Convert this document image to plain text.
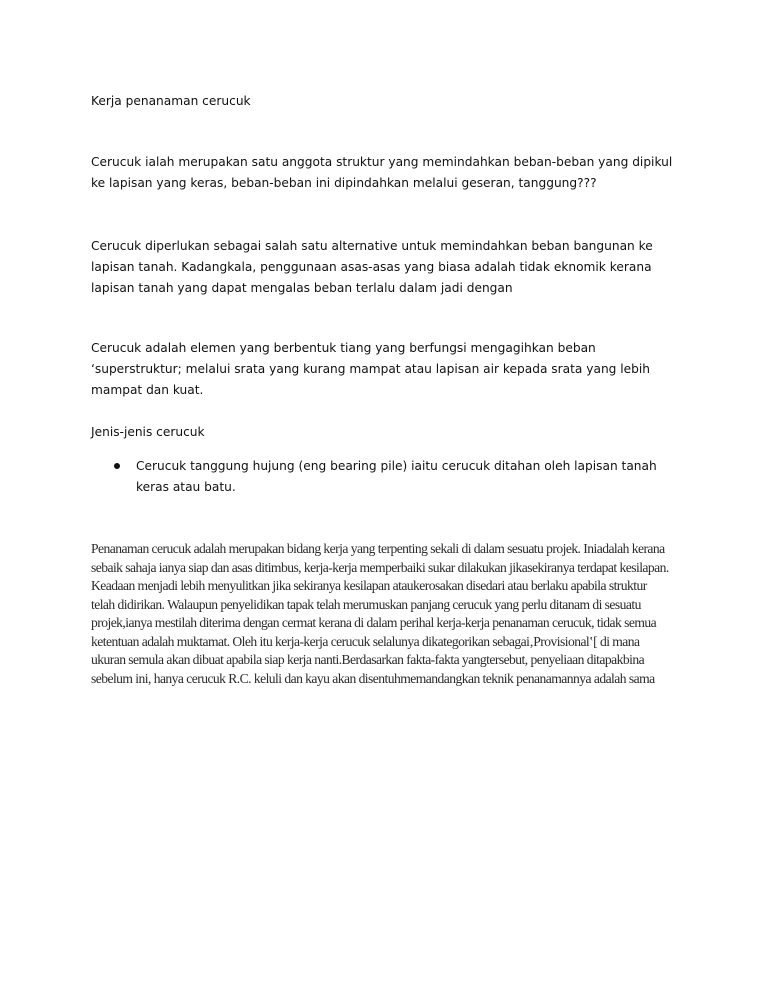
Kerja penanaman cerucuk

Cerucuk ialah merupakan satu anggota struktur yang memindahkan beban-beban yang dipikul ke lapisan yang keras, beban-beban ini dipindahkan melalui geseran, tanggung???

Cerucuk diperlukan sebagai salah satu alternative untuk memindahkan beban bangunan ke lapisan tanah. Kadangkala, penggunaan asas-asas yang biasa adalah tidak eknomik kerana lapisan tanah yang dapat mengalas beban terlalu dalam jadi dengan

Cerucuk adalah elemen yang berbentuk tiang yang berfungsi mengagihkan beban ‘superstruktur; melalui srata yang kurang mampat atau lapisan air kepada srata yang lebih mampat dan kuat.

Jenis-jenis cerucuk

Cerucuk tanggung hujung (eng bearing pile) iaitu cerucuk ditahan oleh lapisan tanah keras atau batu.

Penanaman cerucuk adalah merupakan bidang kerja yang terpenting sekali di dalam sesuatu projek. Iniadalah kerana sebaik sahaja ianya siap dan asas ditimbus, kerja-kerja memperbaiki sukar dilakukan jikasekiranya terdapat kesilapan. Keadaan menjadi lebih menyulitkan jika sekiranya kesilapan ataukerosakan disedari atau berlaku apabila struktur telah didirikan. Walaupun penyelidikan tapak telah merumuskan panjang cerucuk yang perlu ditanam di sesuatu projek,ianya mestilah diterima dengan cermat kerana di dalam perihal kerja-kerja penanaman cerucuk, tidak semua ketentuan adalah muktamat. Oleh itu kerja-kerja cerucuk selalunya dikategorikan sebagai‚Provisional‛[ di mana ukuran semula akan dibuat apabila siap kerja nanti.Berdasarkan fakta-fakta yangtersebut, penyeliaan ditapakbina sebelum ini, hanya cerucuk R.C. keluli dan kayu akan disentuhmemandangkan teknik penanamannya adalah sama
